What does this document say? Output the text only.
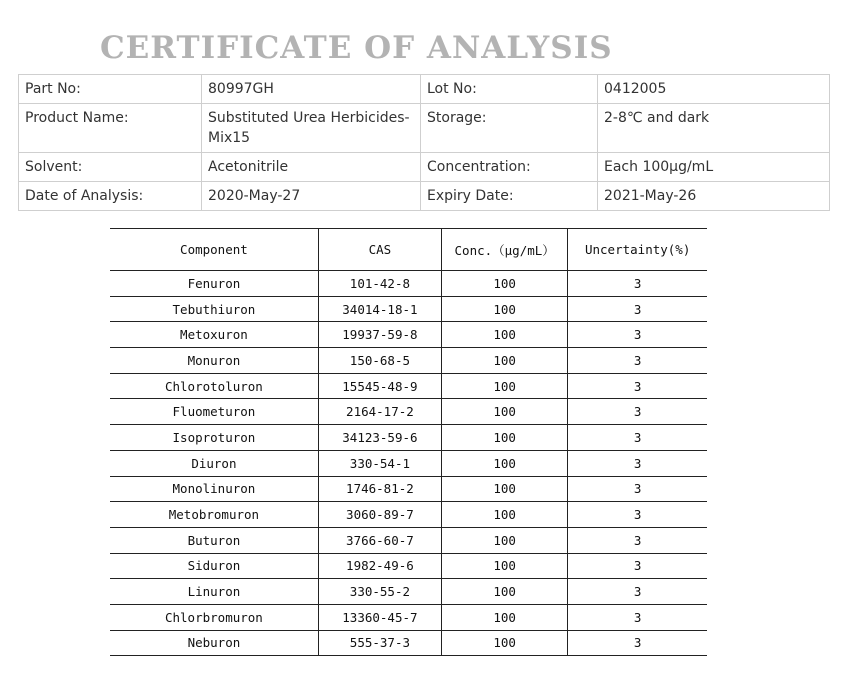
CERTIFICATE OF ANALYSIS
Part No:	80997GH	Lot No:	0412005
Product Name:	Substituted Urea Herbicides-Mix15	Storage:	2-8℃ and dark
Solvent:	Acetonitrile	Concentration:	Each 100μg/mL
Date of Analysis:	2020-May-27	Expiry Date:	2021-May-26
Component	CAS	Conc.（μg/mL）	Uncertainty(%)
Fenuron	101-42-8	100	3
Tebuthiuron	34014-18-1	100	3
Metoxuron	19937-59-8	100	3
Monuron	150-68-5	100	3
Chlorotoluron	15545-48-9	100	3
Fluometuron	2164-17-2	100	3
Isoproturon	34123-59-6	100	3
Diuron	330-54-1	100	3
Monolinuron	1746-81-2	100	3
Metobromuron	3060-89-7	100	3
Buturon	3766-60-7	100	3
Siduron	1982-49-6	100	3
Linuron	330-55-2	100	3
Chlorbromuron	13360-45-7	100	3
Neburon	555-37-3	100	3
